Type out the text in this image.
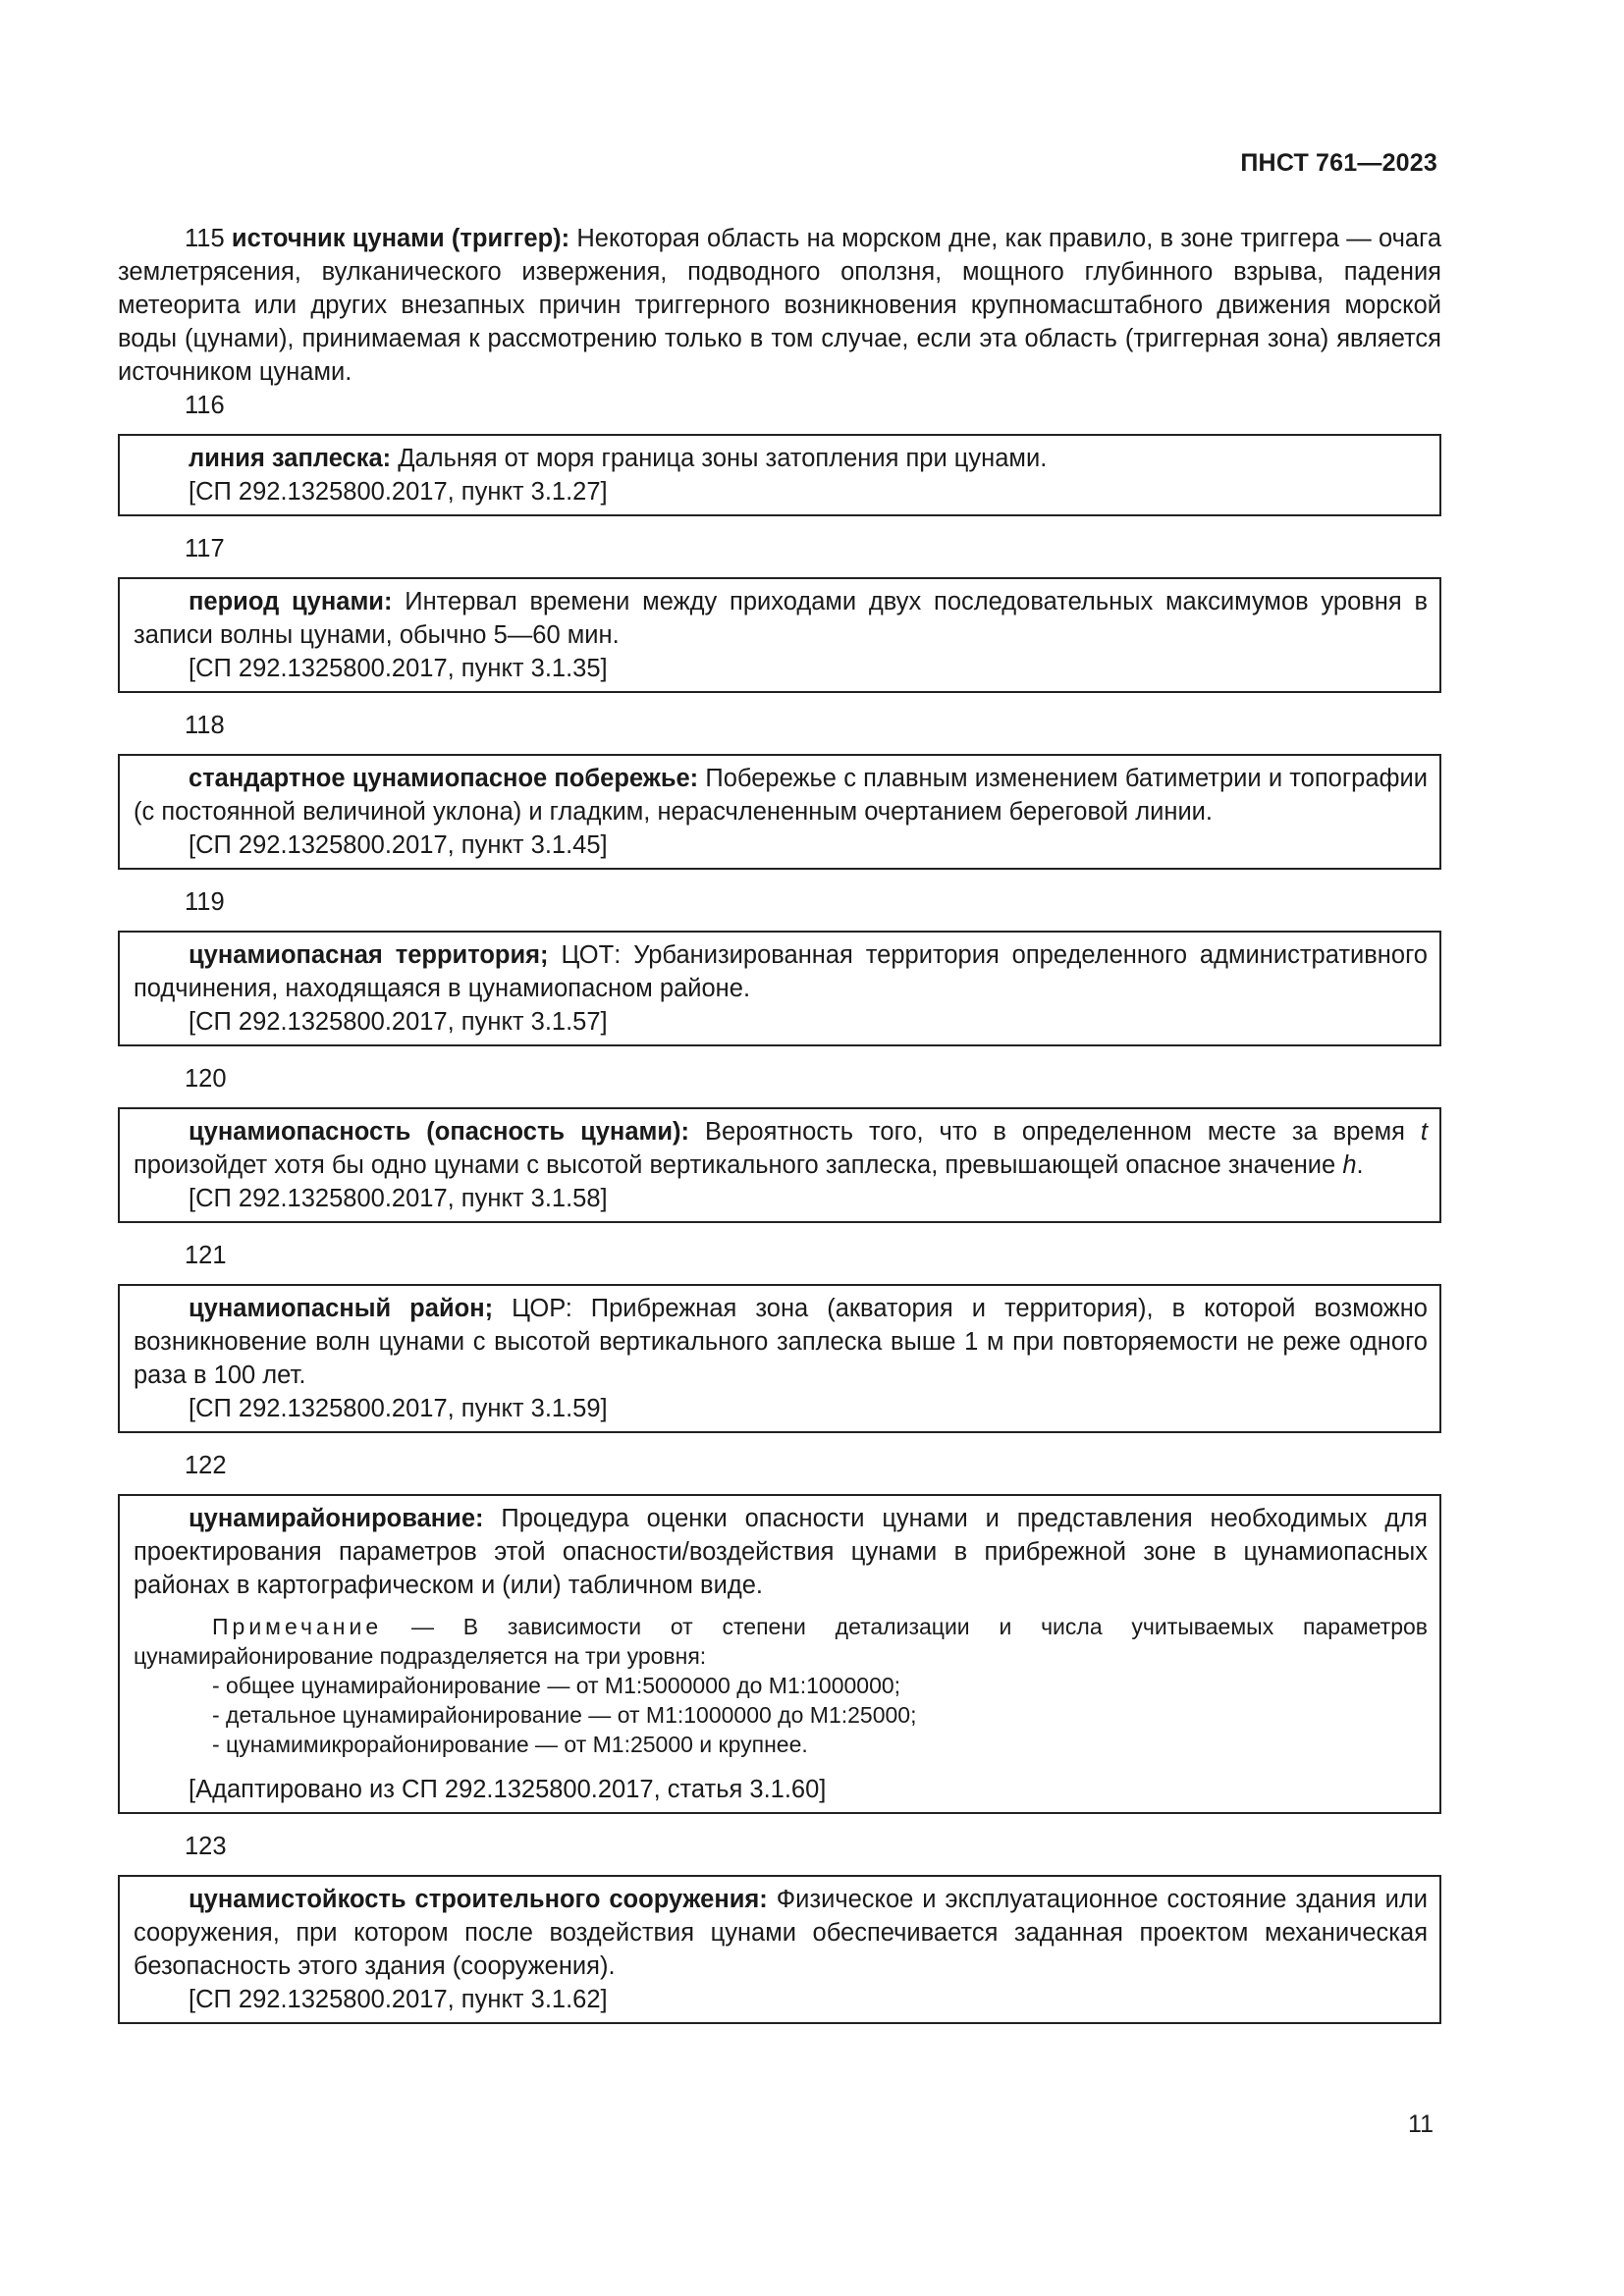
ПНСТ 761—2023

115 источник цунами (триггер): Некоторая область на морском дне, как правило, в зоне триггера — очага землетрясения, вулканического извержения, подводного оползня, мощного глубинного взрыва, падения метеорита или других внезапных причин триггерного возникновения крупномасштабного движения морской воды (цунами), принимаемая к рассмотрению только в том случае, если эта область (триггерная зона) является источником цунами.

116

линия заплеска: Дальняя от моря граница зоны затопления при цунами.

[СП 292.1325800.2017, пункт 3.1.27]

117

период цунами: Интервал времени между приходами двух последовательных максимумов уровня в записи волны цунами, обычно 5—60 мин.

[СП 292.1325800.2017, пункт 3.1.35]

118

стандартное цунамиопасное побережье: Побережье с плавным изменением батиметрии и топографии (с постоянной величиной уклона) и гладким, нерасчлененным очертанием береговой линии.

[СП 292.1325800.2017, пункт 3.1.45]

119

цунамиопасная территория; ЦОТ: Урбанизированная территория определенного административного подчинения, находящаяся в цунамиопасном районе.

[СП 292.1325800.2017, пункт 3.1.57]

120

цунамиопасность (опасность цунами): Вероятность того, что в определенном месте за время t произойдет хотя бы одно цунами с высотой вертикального заплеска, превышающей опасное значение h.

[СП 292.1325800.2017, пункт 3.1.58]

121

цунамиопасный район; ЦОР: Прибрежная зона (акватория и территория), в которой возможно возникновение волн цунами с высотой вертикального заплеска выше 1 м при повторяемости не реже одного раза в 100 лет.

[СП 292.1325800.2017, пункт 3.1.59]

122

цунамирайонирование: Процедура оценки опасности цунами и представления необходимых для проектирования параметров этой опасности/воздействия цунами в прибрежной зоне в цунамиопасных районах в картографическом и (или) табличном виде.

Примечание — В зависимости от степени детализации и числа учитываемых параметров цунамирайонирование подразделяется на три уровня:

- общее цунамирайонирование — от М1:5000000 до М1:1000000;
- детальное цунамирайонирование — от М1:1000000 до М1:25000;
- цунамимикрорайонирование — от М1:25000 и крупнее.

[Адаптировано из СП 292.1325800.2017, статья 3.1.60]

123

цунамистойкость строительного сооружения: Физическое и эксплуатационное состояние здания или сооружения, при котором после воздействия цунами обеспечивается заданная проектом механическая безопасность этого здания (сооружения).

[СП 292.1325800.2017, пункт 3.1.62]

11
